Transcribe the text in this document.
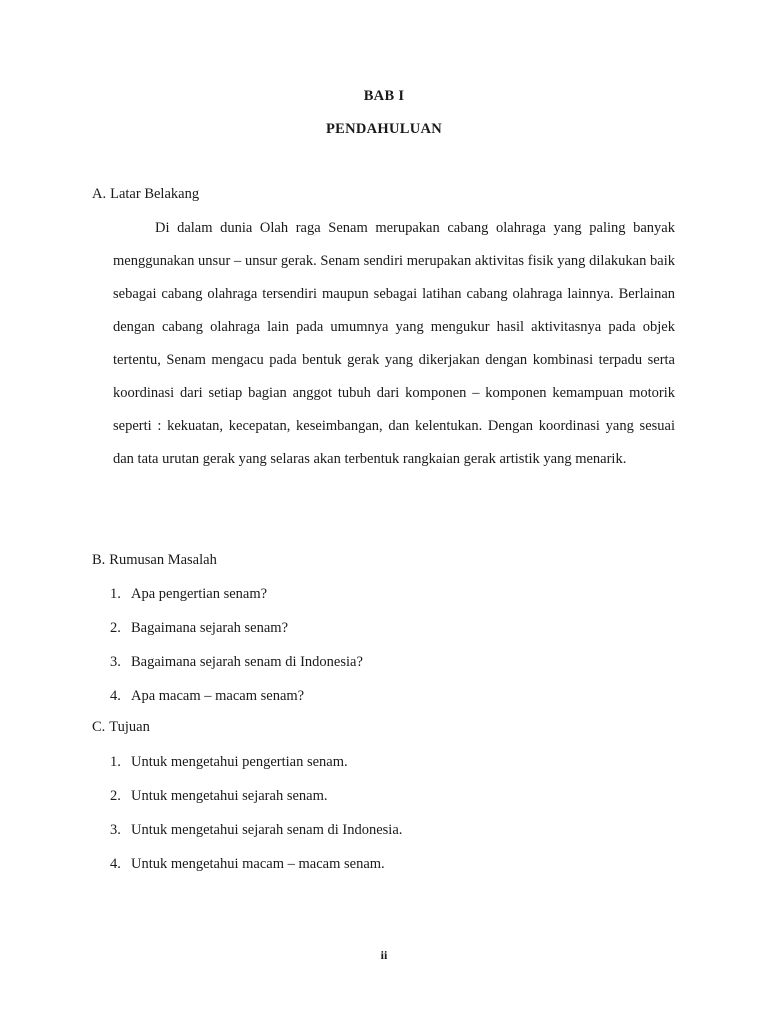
BAB I
PENDAHULUAN
A. Latar Belakang

Di dalam dunia Olah raga Senam merupakan cabang olahraga yang paling banyak menggunakan unsur – unsur gerak. Senam sendiri merupakan aktivitas fisik yang dilakukan baik sebagai cabang olahraga tersendiri maupun sebagai latihan cabang olahraga lainnya. Berlainan dengan cabang olahraga lain pada umumnya yang mengukur hasil aktivitasnya pada objek tertentu, Senam mengacu pada bentuk gerak yang dikerjakan dengan kombinasi terpadu serta koordinasi dari setiap bagian anggot tubuh dari komponen – komponen kemampuan motorik seperti : kekuatan, kecepatan, keseimbangan, dan kelentukan. Dengan koordinasi yang sesuai dan tata urutan gerak yang selaras akan terbentuk rangkaian gerak artistik yang menarik.

B. Rumusan Masalah
1. Apa pengertian senam?
2. Bagaimana sejarah senam?
3. Bagaimana sejarah senam di Indonesia?
4. Apa macam – macam senam?
C. Tujuan
1. Untuk mengetahui pengertian senam.
2. Untuk mengetahui sejarah senam.
3. Untuk mengetahui sejarah senam di Indonesia.
4. Untuk mengetahui macam – macam senam.
ii
